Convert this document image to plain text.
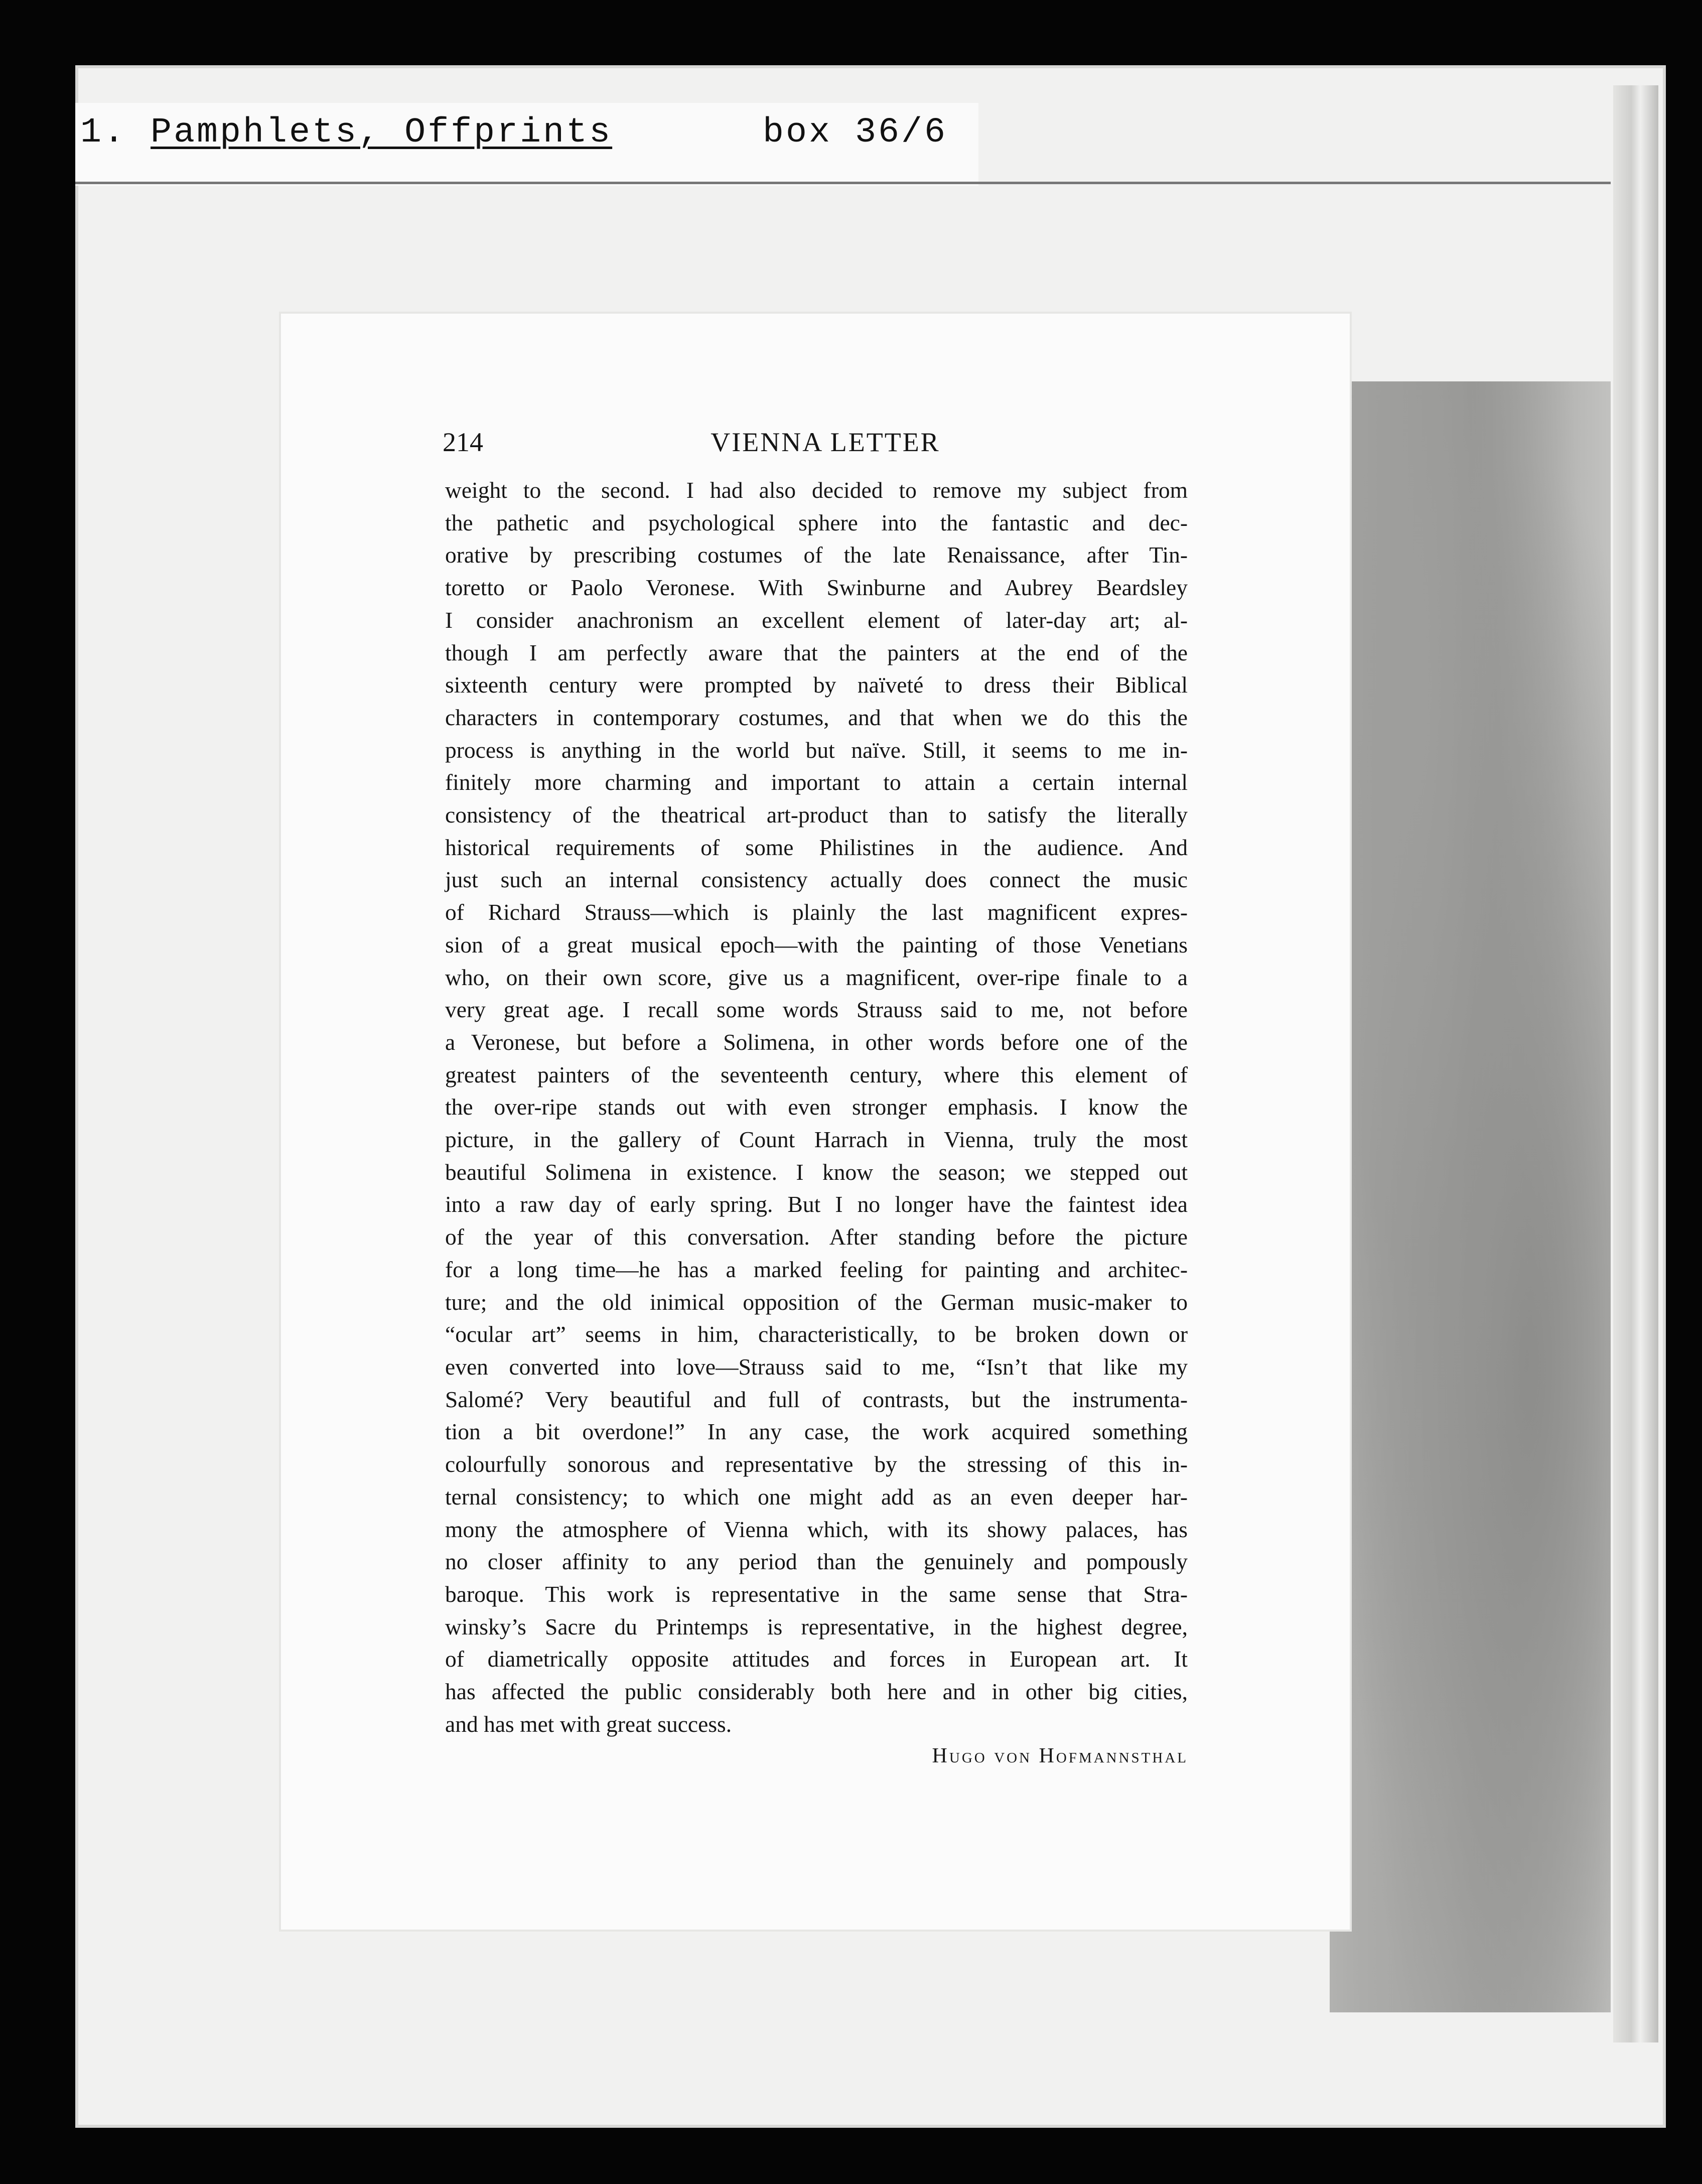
1. Pamphlets, Offprints	box 36/6
214	VIENNA LETTER
weight to the second. I had also decided to remove my subject from
the pathetic and psychological sphere into the fantastic and dec-
orative by prescribing costumes of the late Renaissance, after Tin-
toretto or Paolo Veronese. With Swinburne and Aubrey Beardsley
I consider anachronism an excellent element of later-day art; al-
though I am perfectly aware that the painters at the end of the
sixteenth century were prompted by naïveté to dress their Biblical
characters in contemporary costumes, and that when we do this the
process is anything in the world but naïve. Still, it seems to me in-
finitely more charming and important to attain a certain internal
consistency of the theatrical art-product than to satisfy the literally
historical requirements of some Philistines in the audience. And
just such an internal consistency actually does connect the music
of Richard Strauss—which is plainly the last magnificent expres-
sion of a great musical epoch—with the painting of those Venetians
who, on their own score, give us a magnificent, over-ripe finale to a
very great age. I recall some words Strauss said to me, not before
a Veronese, but before a Solimena, in other words before one of the
greatest painters of the seventeenth century, where this element of
the over-ripe stands out with even stronger emphasis. I know the
picture, in the gallery of Count Harrach in Vienna, truly the most
beautiful Solimena in existence. I know the season; we stepped out
into a raw day of early spring. But I no longer have the faintest idea
of the year of this conversation. After standing before the picture
for a long time—he has a marked feeling for painting and architec-
ture; and the old inimical opposition of the German music-maker to
“ocular art” seems in him, characteristically, to be broken down or
even converted into love—Strauss said to me, “Isn’t that like my
Salomé? Very beautiful and full of contrasts, but the instrumenta-
tion a bit overdone!” In any case, the work acquired something
colourfully sonorous and representative by the stressing of this in-
ternal consistency; to which one might add as an even deeper har-
mony the atmosphere of Vienna which, with its showy palaces, has
no closer affinity to any period than the genuinely and pompously
baroque. This work is representative in the same sense that Stra-
winsky’s Sacre du Printemps is representative, in the highest degree,
of diametrically opposite attitudes and forces in European art. It
has affected the public considerably both here and in other big cities,
and has met with great success.
Hugo von Hofmannsthal
